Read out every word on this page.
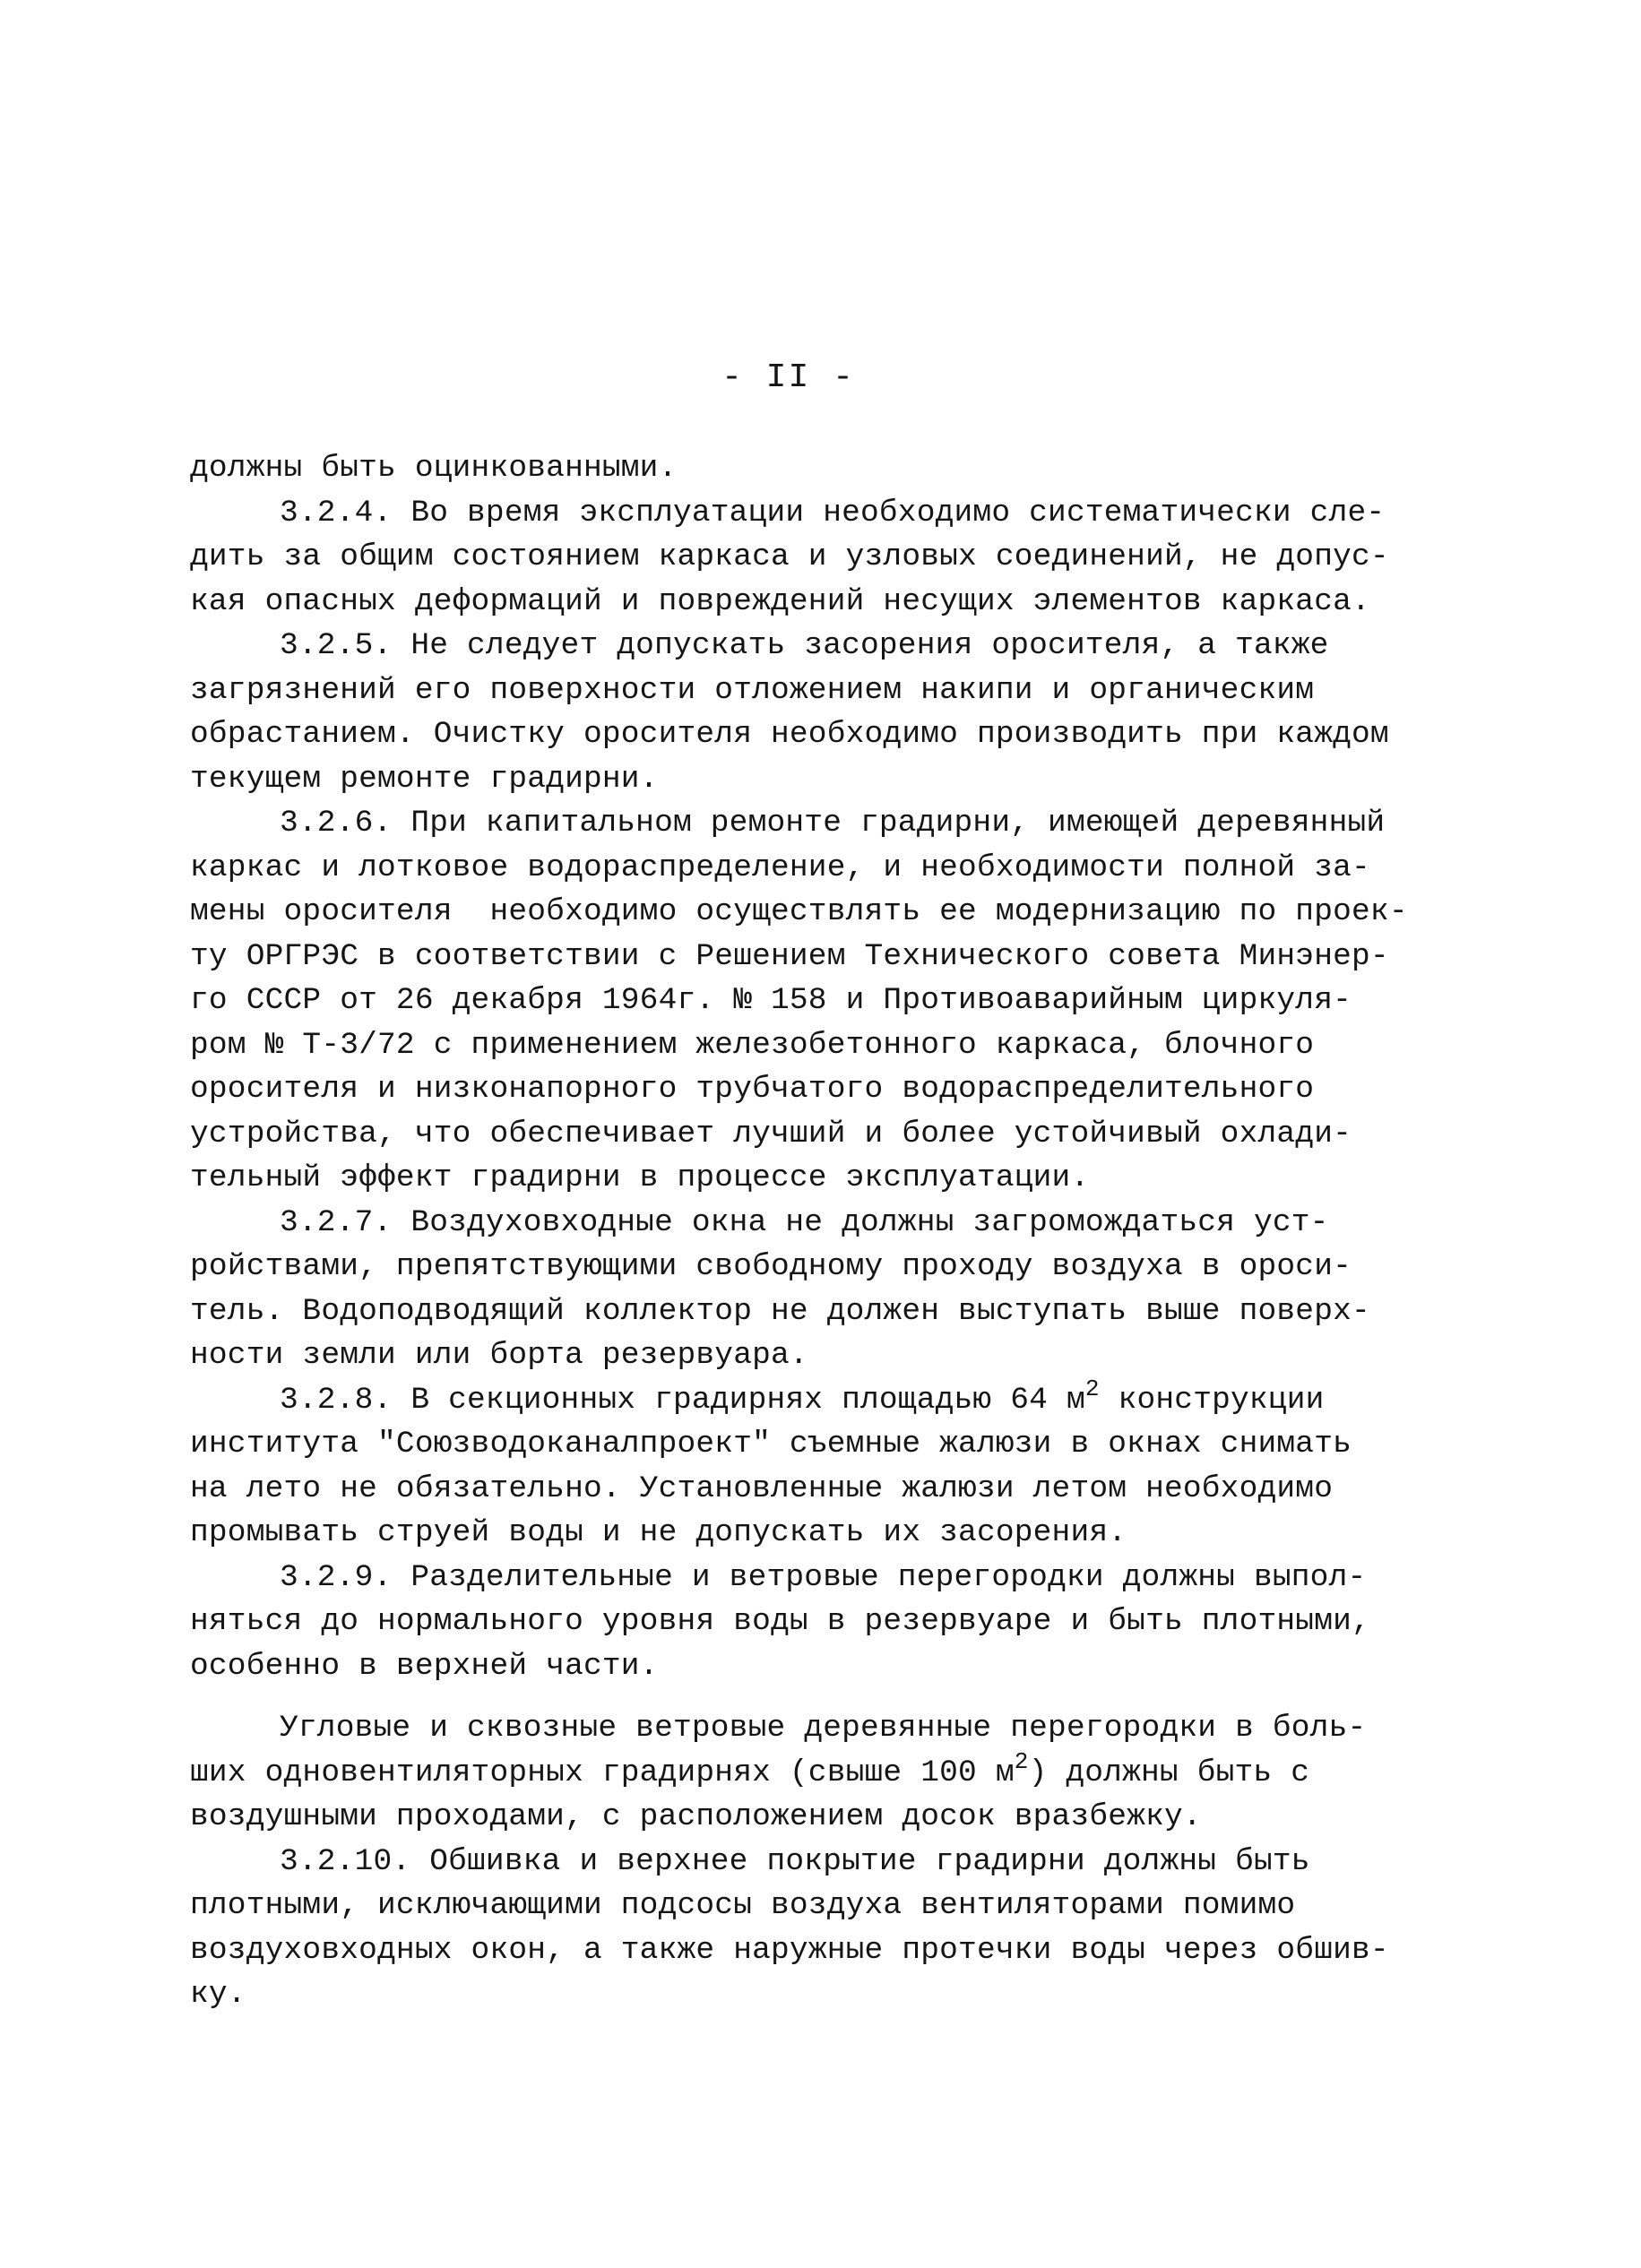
- II -
должны быть оцинкованными.
3.2.4. Во время эксплуатации необходимо систематически сле-
дить за общим состоянием каркаса и узловых соединений, не допус-
кая опасных деформаций и повреждений несущих элементов каркаса.
3.2.5. Не следует допускать засорения оросителя, а также
загрязнений его поверхности отложением накипи и органическим
обрастанием. Очистку оросителя необходимо производить при каждом
текущем ремонте градирни.
3.2.6. При капитальном ремонте градирни, имеющей деревянный
каркас и лотковое водораспределение, и необходимости полной за-
мены оросителя  необходимо осуществлять ее модернизацию по проек-
ту ОРГРЭС в соответствии с Решением Технического совета Минэнер-
го СССР от 26 декабря 1964г. № 158 и Противоаварийным циркуля-
ром № Т-3/72 с применением железобетонного каркаса, блочного
оросителя и низконапорного трубчатого водораспределительного
устройства, что обеспечивает лучший и более устойчивый охлади-
тельный эффект градирни в процессе эксплуатации.
3.2.7. Воздуховходные окна не должны загромождаться уст-
ройствами, препятствующими свободному проходу воздуха в ороси-
тель. Водоподводящий коллектор не должен выступать выше поверх-
ности земли или борта резервуара.
3.2.8. В секционных градирнях площадью 64 $м^2$ конструкции
института "Союзводоканалпроект" съемные жалюзи в окнах снимать
на лето не обязательно. Установленные жалюзи летом необходимо
промывать струей воды и не допускать их засорения.
3.2.9. Разделительные и ветровые перегородки должны выпол-
няться до нормального уровня воды в резервуаре и быть плотными,
особенно в верхней части.
Угловые и сквозные ветровые деревянные перегородки в боль-
ших одновентиляторных градирнях (свыше 100 $м^2$) должны быть с
воздушными проходами, с расположением досок вразбежку.
3.2.10. Обшивка и верхнее покрытие градирни должны быть
плотными, исключающими подсосы воздуха вентиляторами помимо
воздуховходных окон, а также наружные протечки воды через обшив-
ку.
